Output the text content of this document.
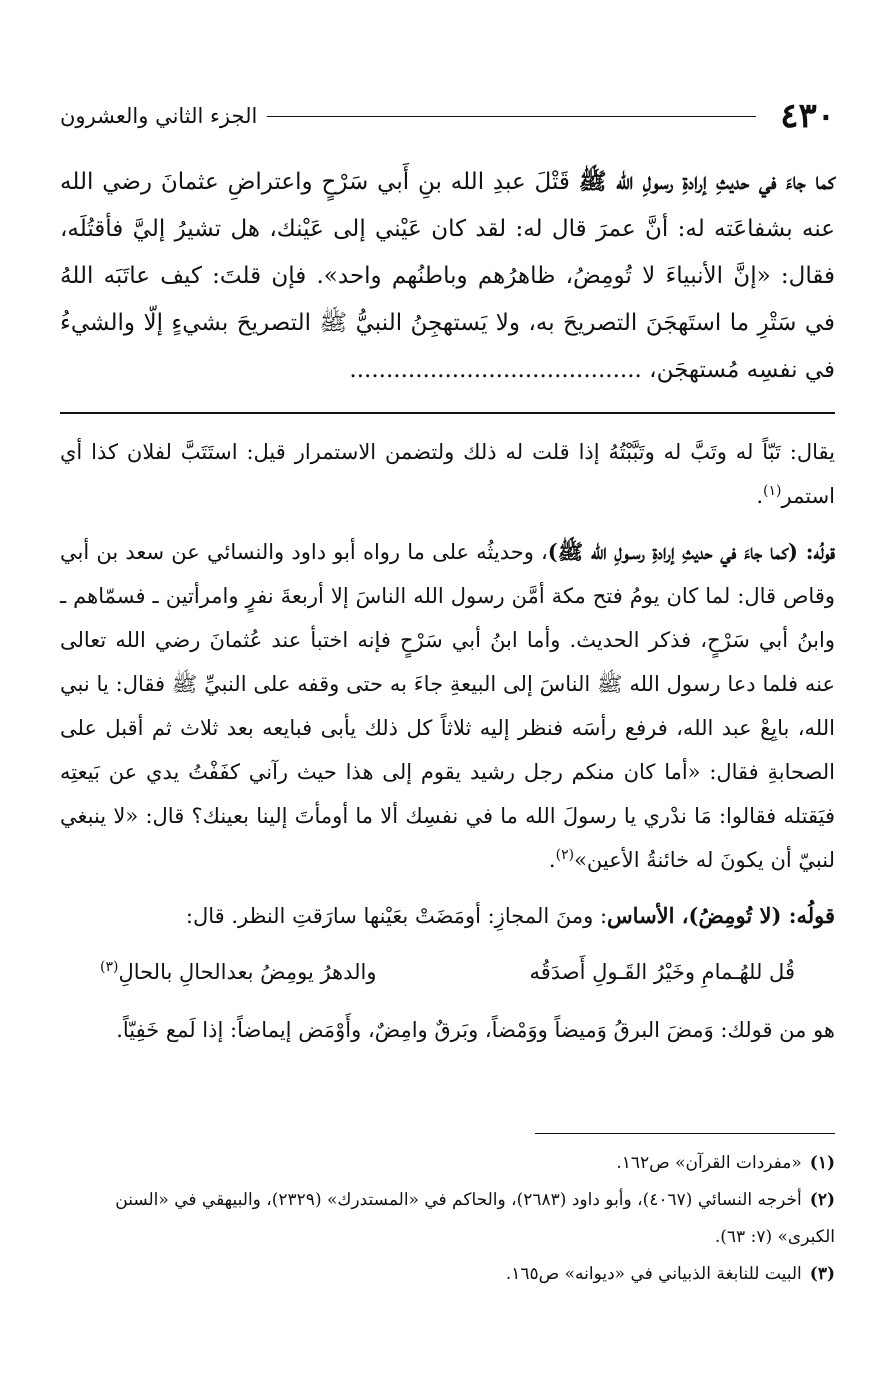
٤٣٠
الجزء الثاني والعشرون
كما جاءَ في حديثِ إرادةِ رسولِ الله ﷺ قَتْلَ عبدِ الله بنِ أَبي سَرْحٍ واعتراضِ عثمانَ رضي الله عنه بشفاعَته له: أنَّ عمرَ قال له: لقد كان عَيْني إلى عَيْنك، هل تشيرُ إليَّ فأقتُلَه، فقال: «إنَّ الأنبياءَ لا تُومِضُ، ظاهرُهم وباطنُهم واحد». فإن قلتَ: كيف عاتَبَه اللهُ في سَتْرِ ما استَهجَنَ التصريحَ به، ولا يَستهجِنُ النبيُّ ﷺ التصريحَ بشيءٍ إلّا والشيءُ في نفسِه مُستهجَن، ........................................

يقال: تَبّاً له وتَبَّ له وتَبَّبْتُهُ إذا قلت له ذلك ولتضمن الاستمرار قيل: استَتَبَّ لفلان كذا أي استمر$^{(١)}$.

قولُه: (كما جاءَ في حديثِ إرادةِ رسـولِ الله ﷺ)، وحديثُه على ما رواه أبو داود والنسائي عن سعد بن أبي وقاص قال: لما كان يومُ فتح مكة أمَّن رسول الله الناسَ إلا أربعةَ نفرٍ وامرأتين ـ فسمّاهم ـ وابنُ أبي سَرْحٍ، فذكر الحديث. وأما ابنُ أبي سَرْحٍ فإنه اختبأ عند عُثمانَ رضي الله تعالى عنه فلما دعا رسول الله ﷺ الناسَ إلى البيعةِ جاءَ به حتى وقفه على النبيِّ ﷺ فقال: يا نبي الله، بايِعْ عبد الله، فرفع رأسَه فنظر إليه ثلاثاً كل ذلك يأبى فبايعه بعد ثلاث ثم أقبل على الصحابةِ فقال: «أما كان منكم رجل رشيد يقوم إلى هذا حيث رآني كفَفْتُ يدي عن بَيعتِه فيَقتله فقالوا: مَا ندْري يا رسولَ الله ما في نفسِك ألا ما أومأتَ إلينا بعينك؟ قال: «لا ينبغي لنبيّ أن يكونَ له خائنةُ الأعين»$^{(٢)}$.

قولُه: (لا تُومِضُ)، الأساس: ومنَ المجازِ: أومَضَتْ بعَيْنها سارَقتِ النظر. قال:

قُل للهُـمامِ وخَيْرُ القَـولِ أَصدَقُه
والدهرُ يومِضُ بعدالحالِ بالحالِ$^{(٣)}$

هو من قولك: وَمضَ البرقُ وَميضاً ووَمْضاً، وبَرقٌ وامِضٌ، وأَوْمَض إيماضاً: إذا لَمع خَفِيّاً.

(١)«مفردات القرآن» ص١٦٢.

(٢)أخرجه النسائي (٤٠٦٧)، وأبو داود (٢٦٨٣)، والحاكم في «المستدرك» (٢٣٢٩)، والبيهقي في «السنن الكبرى» (٧: ٦٣).

(٣)البيت للنابغة الذبياني في «ديوانه» ص١٦٥.
